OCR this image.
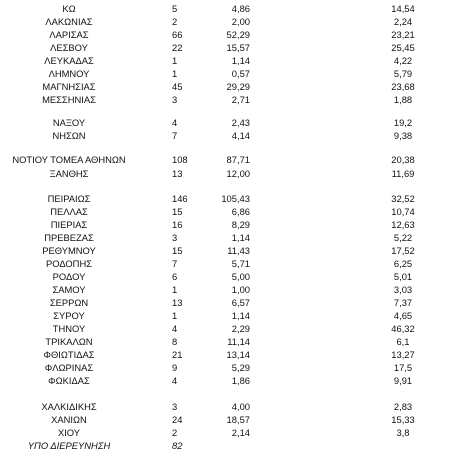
ΚΩ	5	4,86	14,54
ΛΑΚΩΝΙΑΣ	2	2,00	2,24
ΛΑΡΙΣΑΣ	66	52,29	23,21
ΛΕΣΒΟΥ	22	15,57	25,45
ΛΕΥΚΑΔΑΣ	1	1,14	4,22
ΛΗΜΝΟΥ	1	0,57	5,79
ΜΑΓΝΗΣΙΑΣ	45	29,29	23,68
ΜΕΣΣΗΝΙΑΣ	3	2,71	1,88
ΝΑΞΟΥ	4	2,43	19,2
ΝΗΣΩΝ	7	4,14	9,38
ΝΟΤΙΟΥ ΤΟΜΕΑ ΑΘΗΝΩΝ	108	87,71	20,38
ΞΑΝΘΗΣ	13	12,00	11,69
ΠΕΙΡΑΙΩΣ	146	105,43	32,52
ΠΕΛΛΑΣ	15	6,86	10,74
ΠΙΕΡΙΑΣ	16	8,29	12,63
ΠΡΕΒΕΖΑΣ	3	1,14	5,22
ΡΕΘΥΜΝΟΥ	15	11,43	17,52
ΡΟΔΟΠΗΣ	7	5,71	6,25
ΡΟΔΟΥ	6	5,00	5,01
ΣΑΜΟΥ	1	1,00	3,03
ΣΕΡΡΩΝ	13	6,57	7,37
ΣΥΡΟΥ	1	1,14	4,65
ΤΗΝΟΥ	4	2,29	46,32
ΤΡΙΚΑΛΩΝ	8	11,14	6,1
ΦΘΙΩΤΙΔΑΣ	21	13,14	13,27
ΦΛΩΡΙΝΑΣ	9	5,29	17,5
ΦΩΚΙΔΑΣ	4	1,86	9,91
ΧΑΛΚΙΔΙΚΗΣ	3	4,00	2,83
ΧΑΝΙΩΝ	24	18,57	15,33
ΧΙΟΥ	2	2,14	3,8
ΥΠΟ ΔΙΕΡΕΥΝΗΣΗ	82
